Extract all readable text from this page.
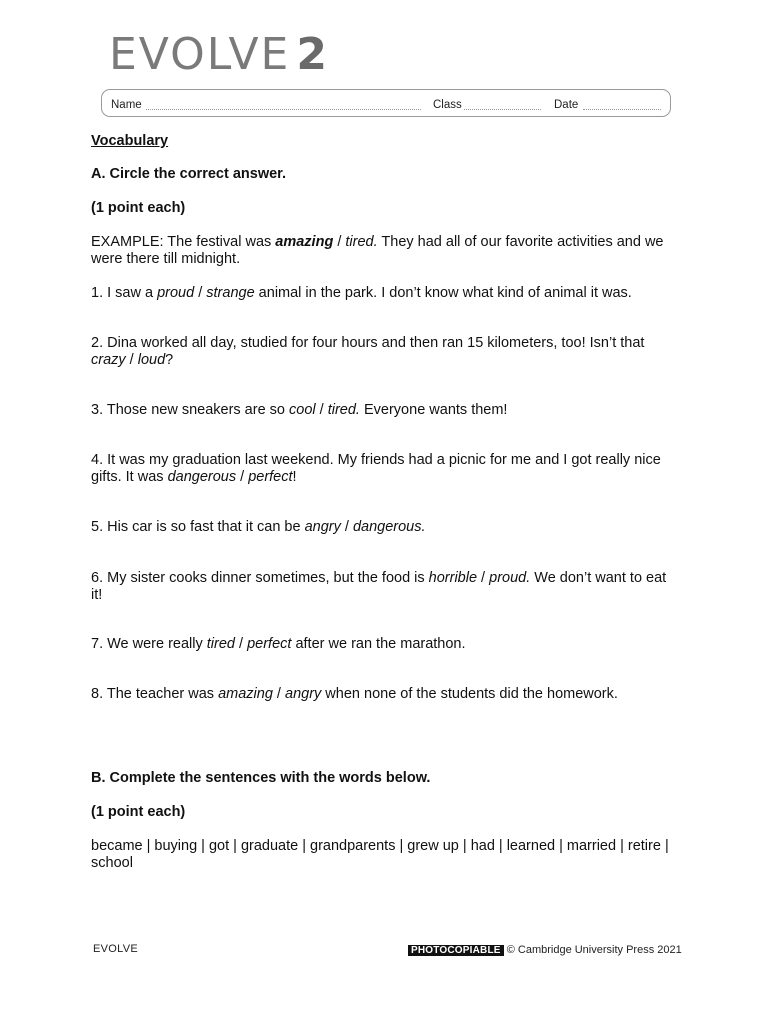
EVOLVE 2
Name	Class	Date

Vocabulary

A. Circle the correct answer.

(1 point each)

EXAMPLE: The festival was amazing / tired. They had all of our favorite activities and we were there till midnight.

1. I saw a proud / strange animal in the park. I don’t know what kind of animal it was.

2. Dina worked all day, studied for four hours and then ran 15 kilometers, too! Isn’t that crazy / loud?

3. Those new sneakers are so cool / tired. Everyone wants them!

4. It was my graduation last weekend. My friends had a picnic for me and I got really nice gifts. It was dangerous / perfect!

5. His car is so fast that it can be angry / dangerous.

6. My sister cooks dinner sometimes, but the food is horrible / proud. We don’t want to eat it!

7. We were really tired / perfect after we ran the marathon.

8. The teacher was amazing / angry when none of the students did the homework.

B. Complete the sentences with the words below.

(1 point each)

became | buying | got | graduate | grandparents | grew up | had | learned | married | retire | school

EVOLVE	PHOTOCOPIABLE © Cambridge University Press 2021
